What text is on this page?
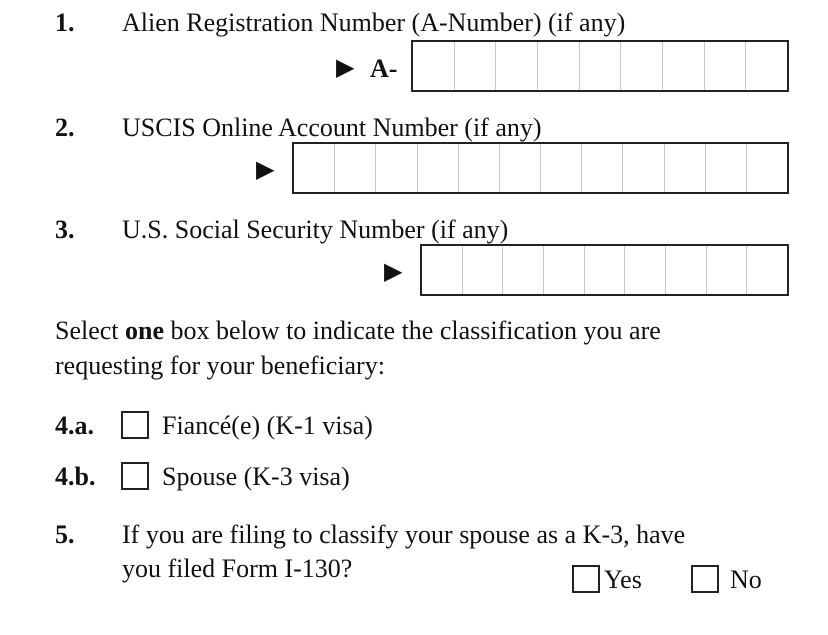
1. Alien Registration Number (A-Number) (if any)
▶ A-
2. USCIS Online Account Number (if any)
▶
3. U.S. Social Security Number (if any)
▶
Select one box below to indicate the classification you are
requesting for your beneficiary:
4.a.	Fiancé(e) (K-1 visa)
4.b.	Spouse (K-3 visa)
5. If you are filing to classify your spouse as a K-3, have
you filed Form I-130?	Yes	No
